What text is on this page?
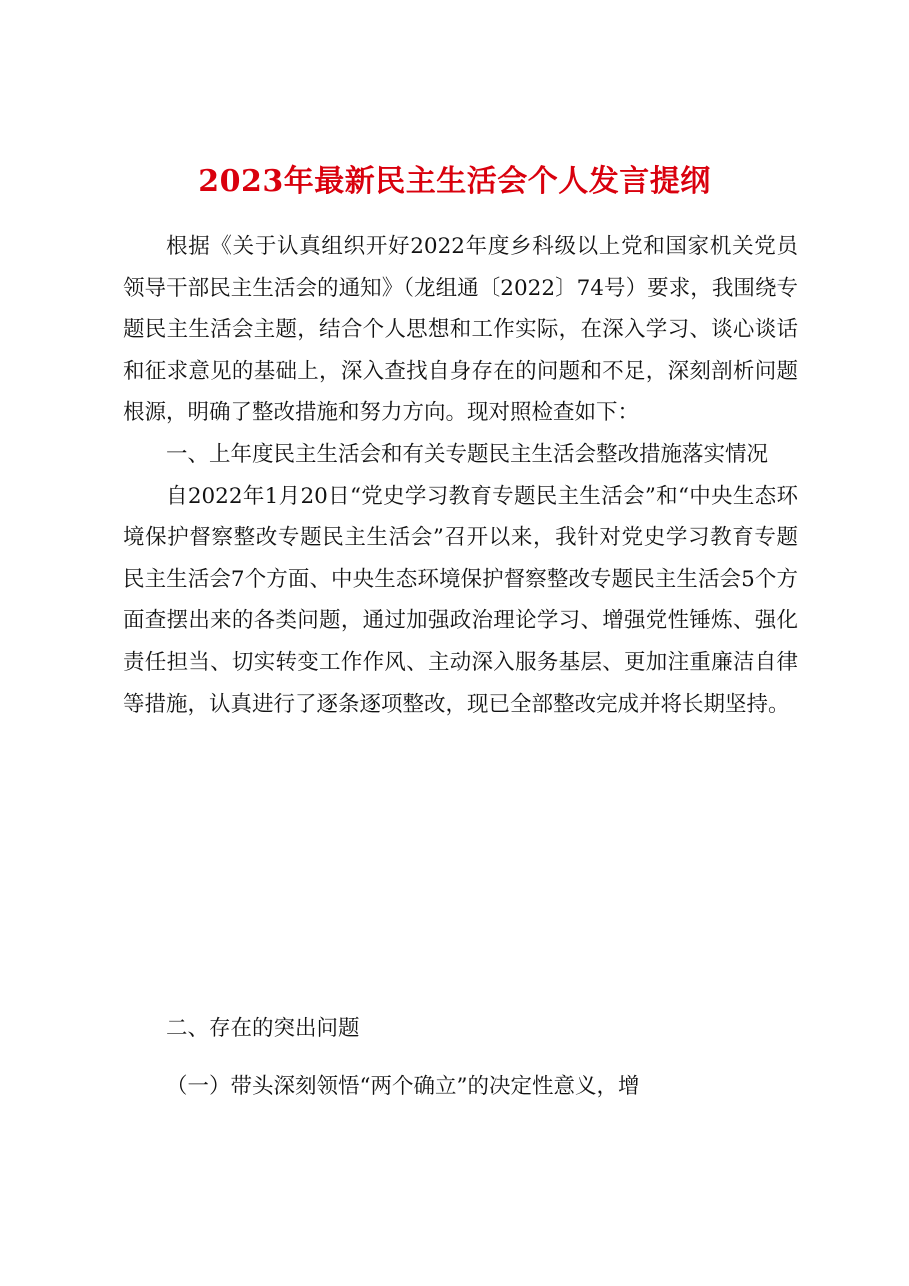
2023年最新民主生活会个人发言提纲

根据《关于认真组织开好2022年度乡科级以上党和国家机关党员领导干部民主生活会的通知》（龙组通〔2022〕74号）要求，我围绕专题民主生活会主题，结合个人思想和工作实际，在深入学习、谈心谈话和征求意见的基础上，深入查找自身存在的问题和不足，深刻剖析问题根源，明确了整改措施和努力方向。现对照检查如下：

一、上年度民主生活会和有关专题民主生活会整改措施落实情况

自2022年1月20日“党史学习教育专题民主生活会”和“中央生态环境保护督察整改专题民主生活会”召开以来，我针对党史学习教育专题民主生活会7个方面、中央生态环境保护督察整改专题民主生活会5个方面查摆出来的各类问题，通过加强政治理论学习、增强党性锤炼、强化责任担当、切实转变工作作风、主动深入服务基层、更加注重廉洁自律等措施，认真进行了逐条逐项整改，现已全部整改完成并将长期坚持。

二、存在的突出问题

（一）带头深刻领悟“两个确立”的决定性意义，增
